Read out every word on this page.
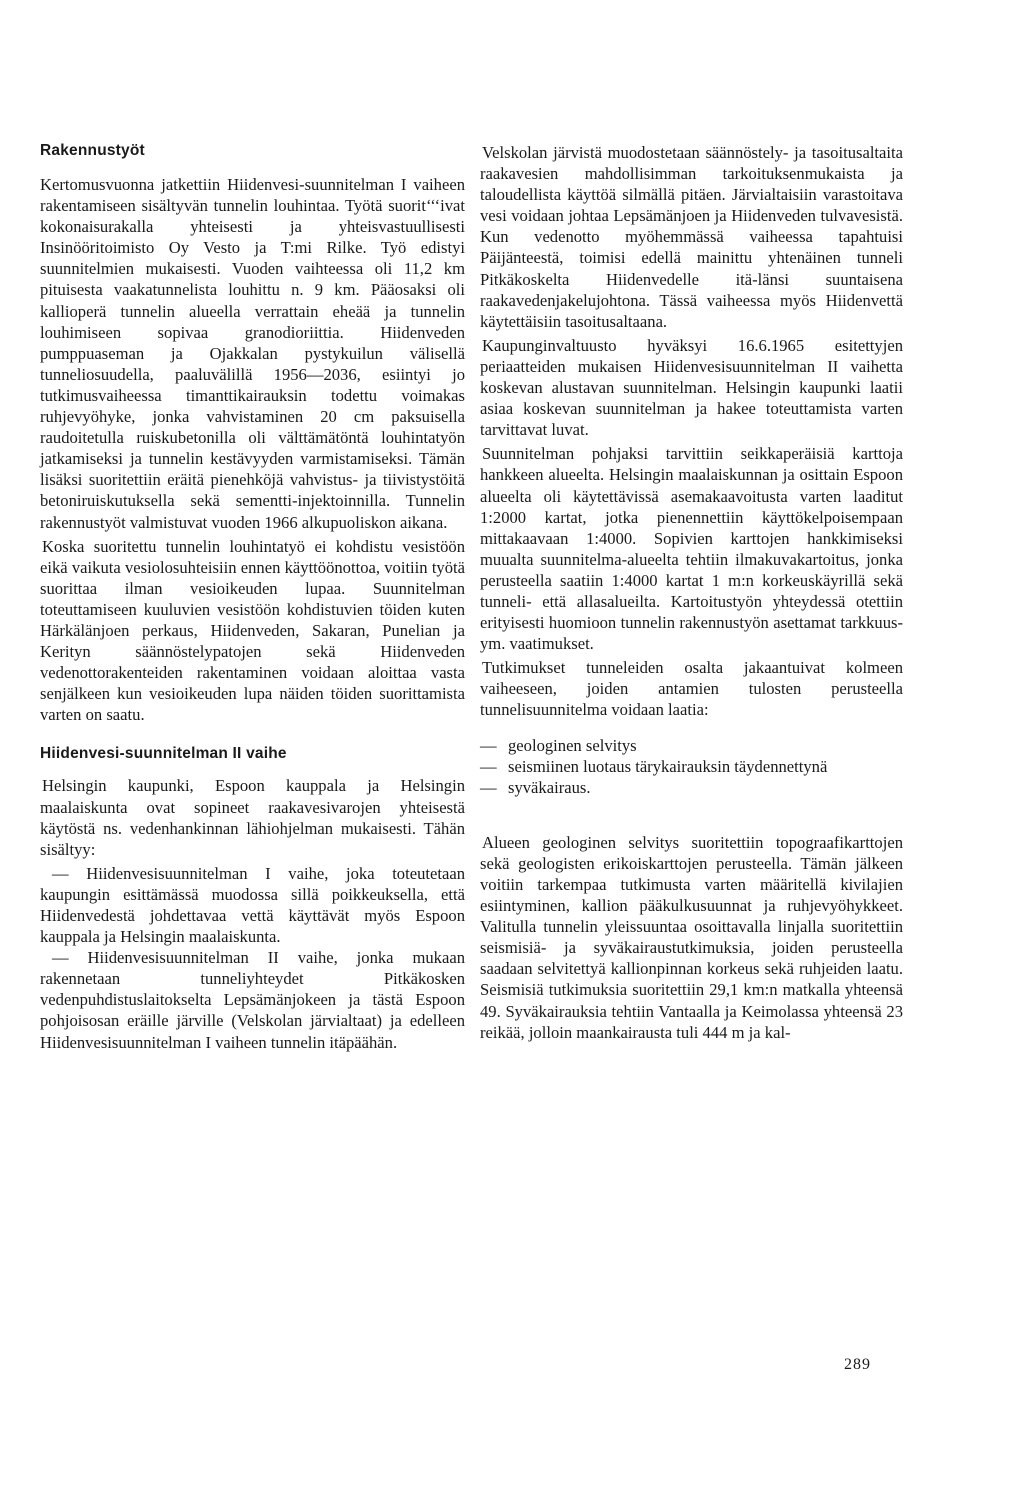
Rakennustyöt

Kertomusvuonna jatkettiin Hiidenvesi-suunnitelman I vaiheen rakentamiseen sisältyvän tunnelin louhintaa. Työtä suorit‘‘‘ivat kokonaisurakalla yhteisesti ja yhteisvastuullisesti Insinööritoimisto Oy Vesto ja T:mi Rilke. Työ edistyi suunnitelmien mukaisesti. Vuoden vaihteessa oli 11,2 km pituisesta vaakatunnelista louhittu n. 9 km. Pääosaksi oli kallioperä tunnelin alueella verrattain eheää ja tunnelin louhimiseen sopivaa granodioriittia. Hiidenveden pumppuaseman ja Ojakkalan pystykuilun välisellä tunneliosuudella, paaluvälillä 1956—2036, esiintyi jo tutkimusvaiheessa timanttikairauksin todettu voimakas ruhjevyöhyke, jonka vahvistaminen 20 cm paksuisella raudoitetulla ruiskubetonilla oli välttämätöntä louhintatyön jatkamiseksi ja tunnelin kestävyyden varmistamiseksi. Tämän lisäksi suoritettiin eräitä pienehköjä vahvistus- ja tiivistystöitä betoniruiskutuksella sekä sementti-injektoinnilla. Tunnelin rakennustyöt valmistuvat vuoden 1966 alkupuoliskon aikana.

Koska suoritettu tunnelin louhintatyö ei kohdistu vesistöön eikä vaikuta vesiolosuhteisiin ennen käyttöönottoa, voitiin työtä suorittaa ilman vesioikeuden lupaa. Suunnitelman toteuttamiseen kuuluvien vesistöön kohdistuvien töiden kuten Härkälänjoen perkaus, Hiidenveden, Sakaran, Punelian ja Kerityn säännöstelypatojen sekä Hiidenveden vedenottorakenteiden rakentaminen voidaan aloittaa vasta senjälkeen kun vesioikeuden lupa näiden töiden suorittamista varten on saatu.

Hiidenvesi-suunnitelman II vaihe

Helsingin kaupunki, Espoon kauppala ja Helsingin maalaiskunta ovat sopineet raakavesivarojen yhteisestä käytöstä ns. vedenhankinnan lähiohjelman mukaisesti. Tähän sisältyy:

— Hiidenvesisuunnitelman I vaihe, joka toteutetaan kaupungin esittämässä muodossa sillä poikkeuksella, että Hiidenvedestä johdettavaa vettä käyttävät myös Espoon kauppala ja Helsingin maalaiskunta.
— Hiidenvesisuunnitelman II vaihe, jonka mukaan rakennetaan tunneliyhteydet Pitkäkosken vedenpuhdistuslaitokselta Lepsämänjokeen ja tästä Espoon pohjoisosan eräille järville (Velskolan järvialtaat) ja edelleen Hiidenvesisuunnitelman I vaiheen tunnelin itäpäähän.

Velskolan järvistä muodostetaan säännöstely- ja tasoitusaltaita raakavesien mahdollisimman tarkoituksenmukaista ja taloudellista käyttöä silmällä pitäen. Järvialtaisiin varastoitava vesi voidaan johtaa Lepsämänjoen ja Hiidenveden tulvavesistä. Kun vedenotto myöhemmässä vaiheessa tapahtuisi Päijänteestä, toimisi edellä mainittu yhtenäinen tunneli Pitkäkoskelta Hiidenvedelle itä-länsi suuntaisena raakavedenjakelujohtona. Tässä vaiheessa myös Hiidenvettä käytettäisiin tasoitusaltaana.

Kaupunginvaltuusto hyväksyi 16.6.1965 esitettyjen periaatteiden mukaisen Hiidenvesisuunnitelman II vaihetta koskevan alustavan suunnitelman. Helsingin kaupunki laatii asiaa koskevan suunnitelman ja hakee toteuttamista varten tarvittavat luvat.

Suunnitelman pohjaksi tarvittiin seikkaperäisiä karttoja hankkeen alueelta. Helsingin maalaiskunnan ja osittain Espoon alueelta oli käytettävissä asemakaavoitusta varten laaditut 1:2000 kartat, jotka pienennettiin käyttökelpoisempaan mittakaavaan 1:4000. Sopivien karttojen hankkimiseksi muualta suunnitelma-alueelta tehtiin ilmakuvakartoitus, jonka perusteella saatiin 1:4000 kartat 1 m:n korkeuskäyrillä sekä tunneli- että allasalueilta. Kartoitustyön yhteydessä otettiin erityisesti huomioon tunnelin rakennustyön asettamat tarkkuus- ym. vaatimukset.

Tutkimukset tunneleiden osalta jakaantuivat kolmeen vaiheeseen, joiden antamien tulosten perusteella tunnelisuunnitelma voidaan laatia:

— geologinen selvitys
— seismiinen luotaus tärykairauksin täydennettynä
— syväkairaus.

Alueen geologinen selvitys suoritettiin topograafikarttojen sekä geologisten erikoiskarttojen perusteella. Tämän jälkeen voitiin tarkempaa tutkimusta varten määritellä kivilajien esiintyminen, kallion pääkulkusuunnat ja ruhjevyöhykkeet. Valitulla tunnelin yleissuuntaa osoittavalla linjalla suoritettiin seismisiä- ja syväkairaustutkimuksia, joiden perusteella saadaan selvitettyä kallionpinnan korkeus sekä ruhjeiden laatu. Seismisiä tutkimuksia suoritettiin 29,1 km:n matkalla yhteensä 49. Syväkairauksia tehtiin Vantaalla ja Keimolassa yhteensä 23 reikää, jolloin maankairausta tuli 444 m ja kal-

289
